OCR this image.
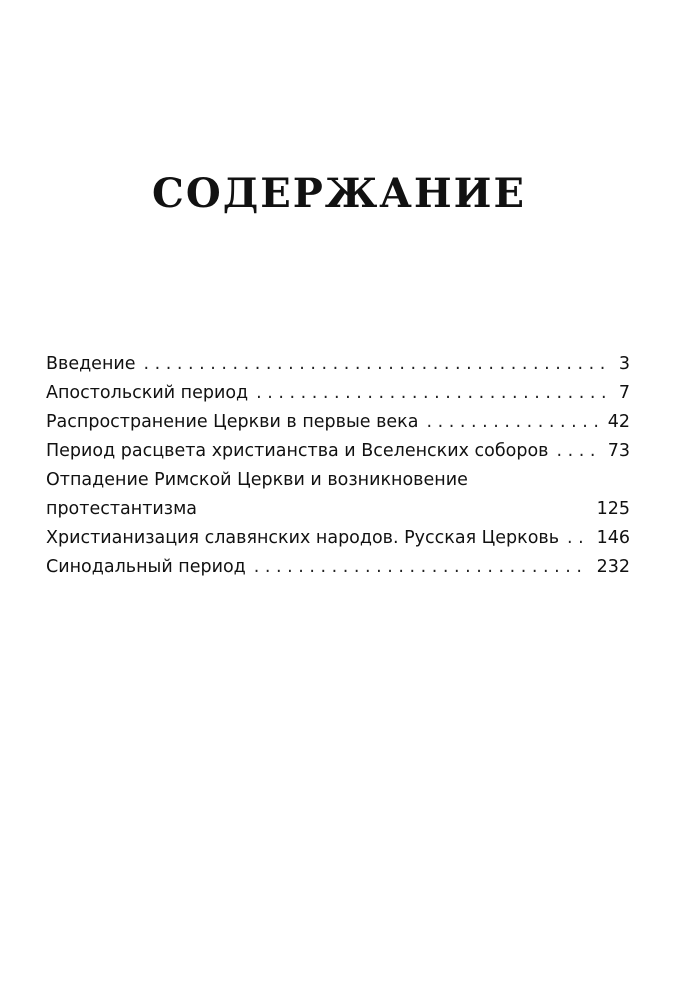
СОДЕРЖАНИЕ
Введение . . .	3
Апостольский период . . .	7
Распространение Церкви в первые века . . .	42
Период расцвета христианства и Вселенских соборов . . .	73
Отпадение Римской Церкви и возникновение
протестантизма	125
Христианизация славянских народов. Русская Церковь . . . 146
Синодальный период . . .	232
